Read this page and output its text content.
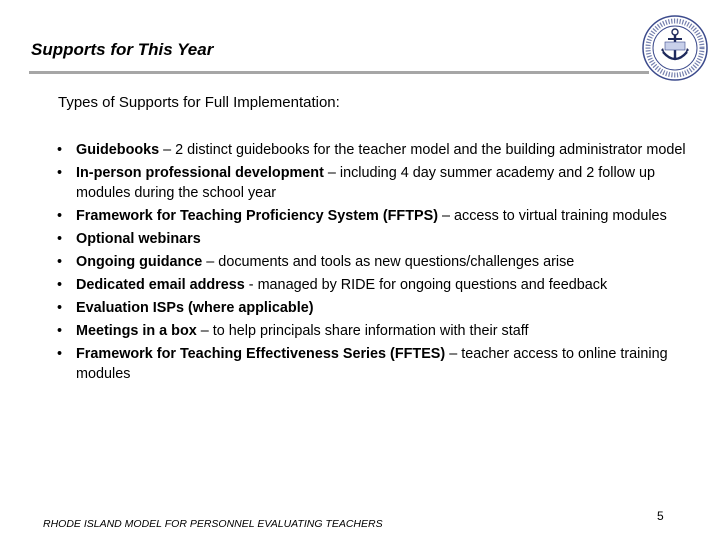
Supports for This Year
Types of Supports for Full Implementation:
• Guidebooks – 2 distinct guidebooks for the teacher model and the building administrator model
• In-person professional development – including 4 day summer academy and 2 follow up modules during the school year
• Framework for Teaching Proficiency System (FFTPS) – access to virtual training modules
• Optional webinars
• Ongoing guidance – documents and tools as new questions/challenges arise
• Dedicated email address - managed by RIDE for ongoing questions and feedback
• Evaluation ISPs (where applicable)
• Meetings in a box – to help principals share information with their staff
• Framework for Teaching Effectiveness Series (FFTES) – teacher access to online training modules
RHODE ISLAND MODEL FOR PERSONNEL EVALUATING TEACHERS
5
